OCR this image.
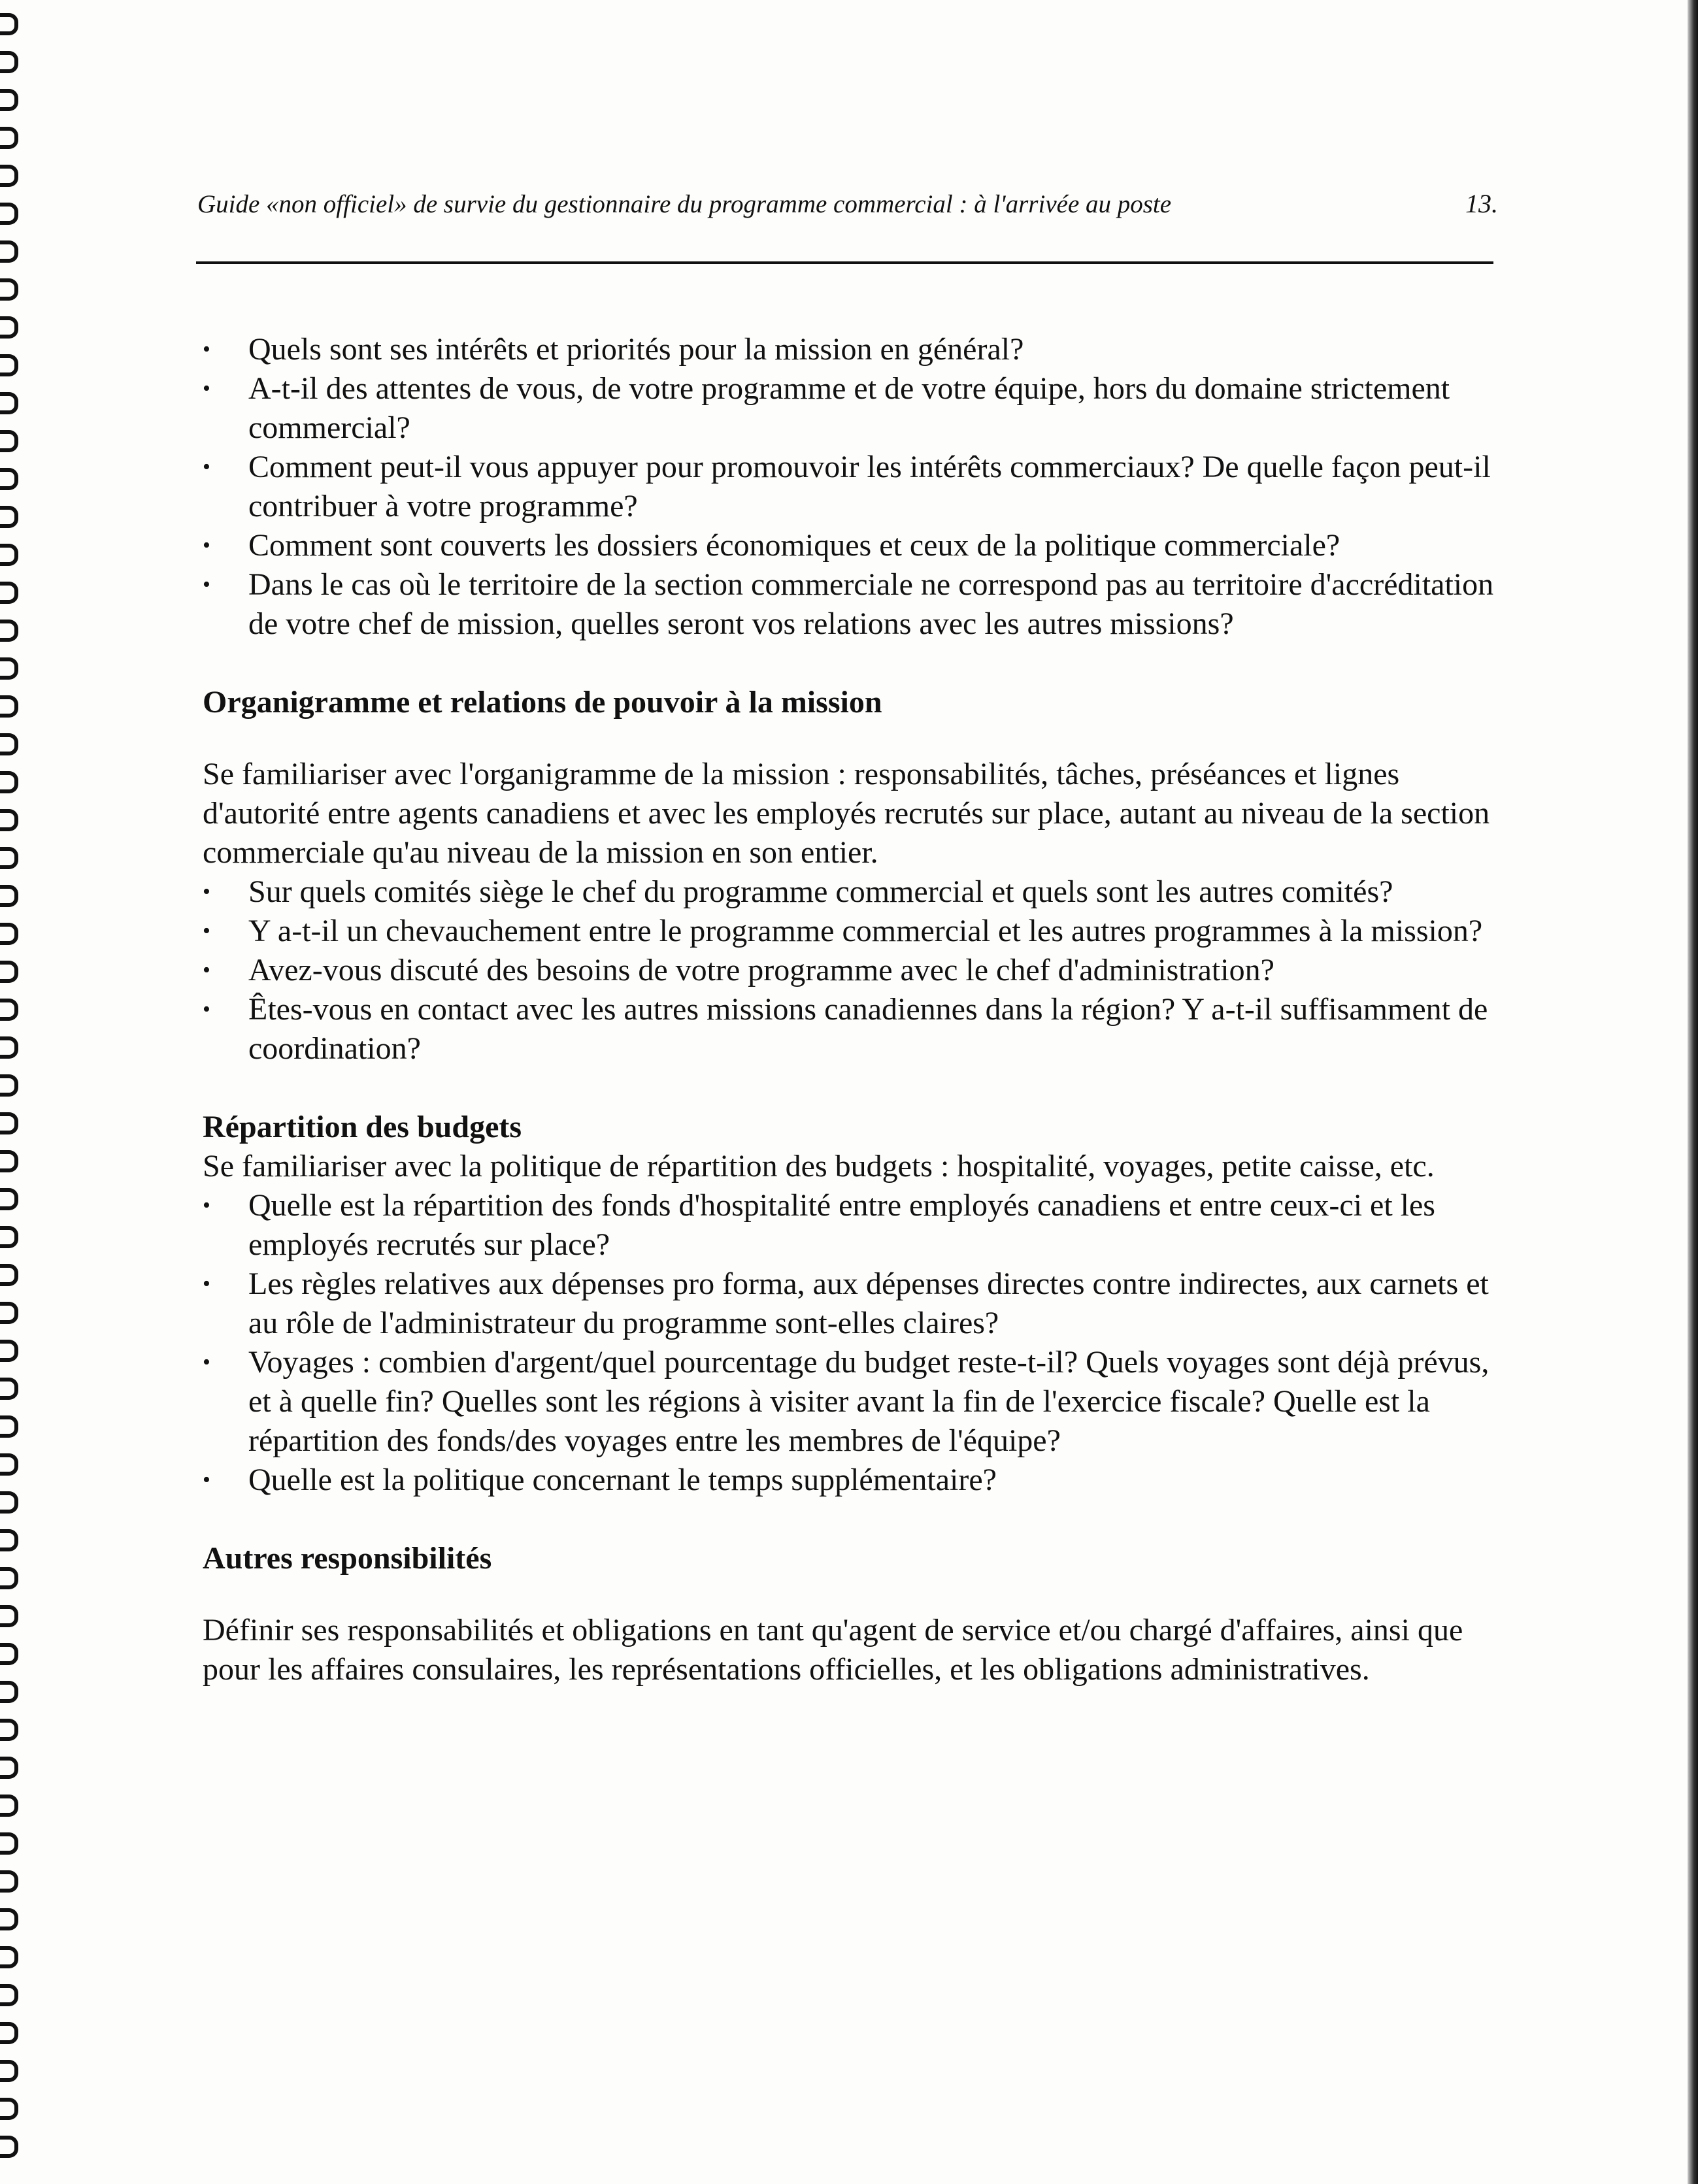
Guide «non officiel» de survie du gestionnaire du programme commercial : à l'arrivée au poste	13.
• Quels sont ses intérêts et priorités pour la mission en général?
• A-t-il des attentes de vous, de votre programme et de votre équipe, hors du domaine strictement commercial?
• Comment peut-il vous appuyer pour promouvoir les intérêts commerciaux? De quelle façon peut-il contribuer à votre programme?
• Comment sont couverts les dossiers économiques et ceux de la politique commerciale?
• Dans le cas où le territoire de la section commerciale ne correspond pas au territoire d'accréditation de votre chef de mission, quelles seront vos relations avec les autres missions?
Organigramme et relations de pouvoir à la mission

Se familiariser avec l'organigramme de la mission : responsabilités, tâches, préséances et lignes d'autorité entre agents canadiens et avec les employés recrutés sur place, autant au niveau de la section commerciale qu'au niveau de la mission en son entier.

• Sur quels comités siège le chef du programme commercial et quels sont les autres comités?
• Y a-t-il un chevauchement entre le programme commercial et les autres programmes à la mission?
• Avez-vous discuté des besoins de votre programme avec le chef d'administration?
• Êtes-vous en contact avec les autres missions canadiennes dans la région? Y a-t-il suffisamment de coordination?
Répartition des budgets

Se familiariser avec la politique de répartition des budgets : hospitalité, voyages, petite caisse, etc.

• Quelle est la répartition des fonds d'hospitalité entre employés canadiens et entre ceux-ci et les employés recrutés sur place?
• Les règles relatives aux dépenses pro forma, aux dépenses directes contre indirectes, aux carnets et au rôle de l'administrateur du programme sont-elles claires?
• Voyages : combien d'argent/quel pourcentage du budget reste-t-il? Quels voyages sont déjà prévus, et à quelle fin? Quelles sont les régions à visiter avant la fin de l'exercice fiscale? Quelle est la répartition des fonds/des voyages entre les membres de l'équipe?
• Quelle est la politique concernant le temps supplémentaire?
Autres responsibilités

Définir ses responsabilités et obligations en tant qu'agent de service et/ou chargé d'affaires, ainsi que pour les affaires consulaires, les représentations officielles, et les obligations administratives.
